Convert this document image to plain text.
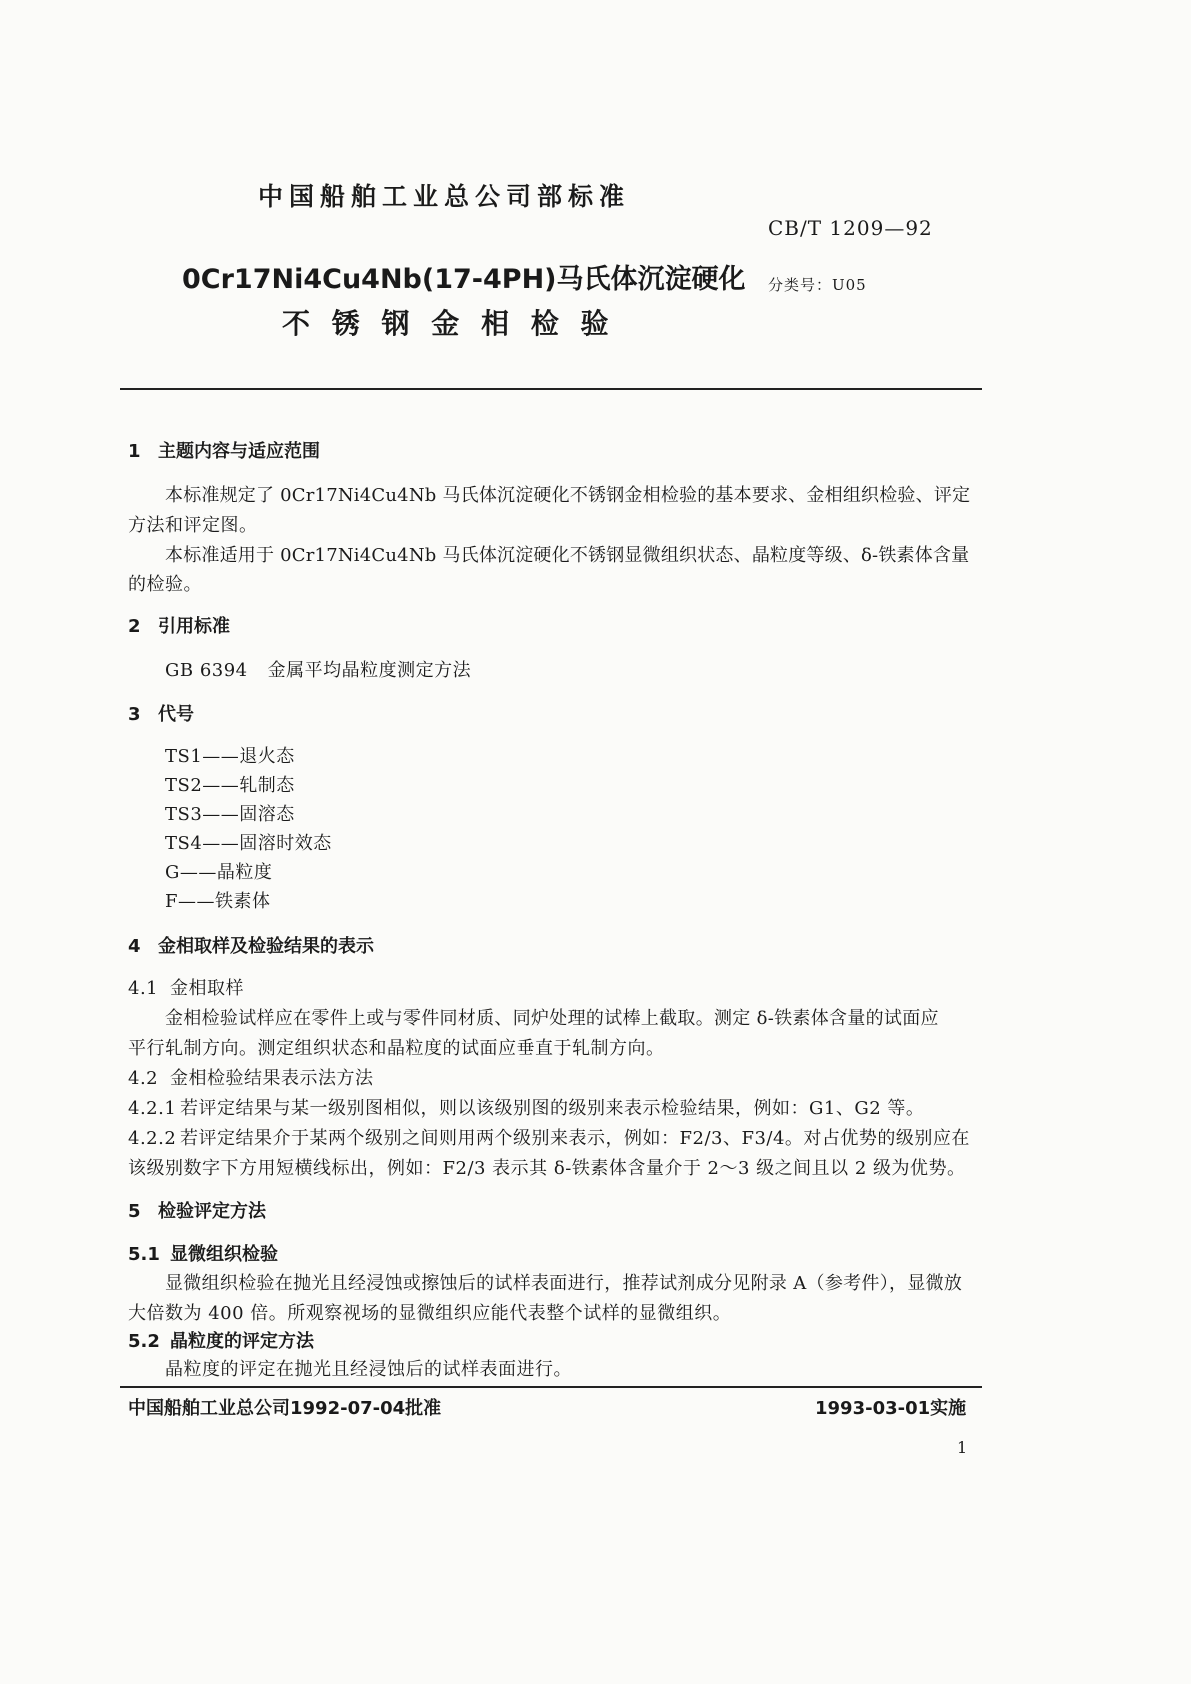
中国船舶工业总公司部标准
CB/T 1209—92
0Cr17Ni4Cu4Nb(17-4PH)马氏体沉淀硬化 分类号：U05
不 锈 钢 金 相 检 验
1 主题内容与适应范围
本标准规定了 0Cr17Ni4Cu4Nb 马氏体沉淀硬化不锈钢金相检验的基本要求、金相组织检验、评定
方法和评定图。
本标准适用于 0Cr17Ni4Cu4Nb 马氏体沉淀硬化不锈钢显微组织状态、晶粒度等级、δ-铁素体含量
的检验。
2 引用标准
GB 6394 金属平均晶粒度测定方法
3 代号
TS1——退火态
TS2——轧制态
TS3——固溶态
TS4——固溶时效态
G——晶粒度
F——铁素体
4 金相取样及检验结果的表示
4.1 金相取样
金相检验试样应在零件上或与零件同材质、同炉处理的试棒上截取。测定 δ-铁素体含量的试面应
平行轧制方向。测定组织状态和晶粒度的试面应垂直于轧制方向。
4.2 金相检验结果表示法方法
4.2.1 若评定结果与某一级别图相似，则以该级别图的级别来表示检验结果，例如：G1、G2 等。
4.2.2 若评定结果介于某两个级别之间则用两个级别来表示，例如：F2/3、F3/4。对占优势的级别应在
该级别数字下方用短横线标出，例如：F2/3 表示其 δ-铁素体含量介于 2～3 级之间且以 2 级为优势。
5 检验评定方法
5.1 显微组织检验
显微组织检验在抛光且经浸蚀或擦蚀后的试样表面进行，推荐试剂成分见附录 A（参考件），显微放
大倍数为 400 倍。所观察视场的显微组织应能代表整个试样的显微组织。
5.2 晶粒度的评定方法
晶粒度的评定在抛光且经浸蚀后的试样表面进行。
中国船舶工业总公司1992-07-04批准	1993-03-01实施
1
